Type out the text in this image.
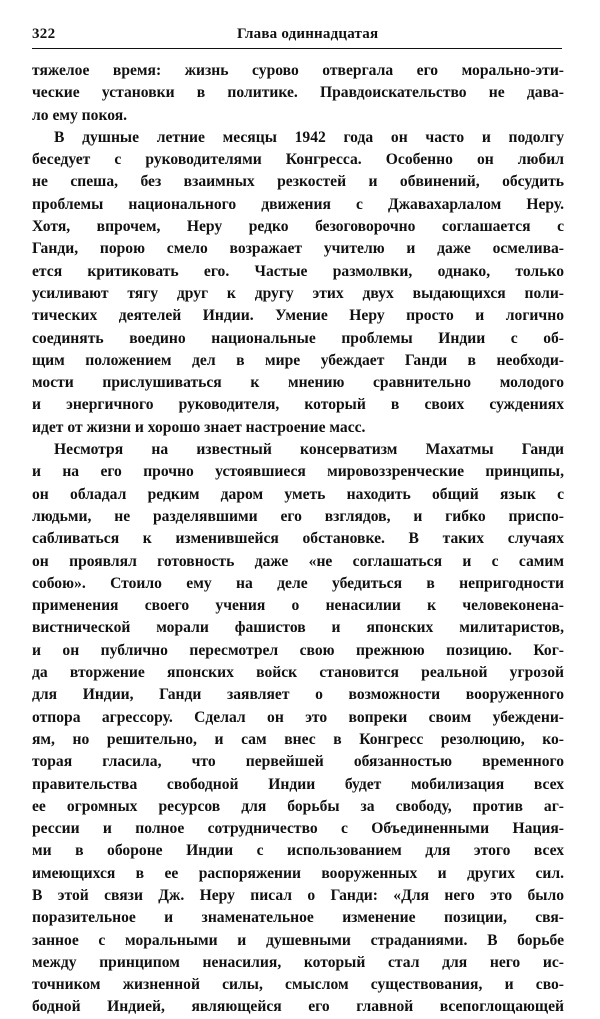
322	Глава одиннадцатая
тяжелое время: жизнь сурово отвергала его морально-эти-
ческие установки в политике. Правдоискательство не дава-
ло ему покоя.
В душные летние месяцы 1942 года он часто и подолгу
беседует с руководителями Конгресса. Особенно он любил
не спеша, без взаимных резкостей и обвинений, обсудить
проблемы национального движения с Джавахарлалом Неру.
Хотя, впрочем, Неру редко безоговорочно соглашается с
Ганди, порою смело возражает учителю и даже осмелива-
ется критиковать его. Частые размолвки, однако, только
усиливают тягу друг к другу этих двух выдающихся поли-
тических деятелей Индии. Умение Неру просто и логично
соединять воедино национальные проблемы Индии с об-
щим положением дел в мире убеждает Ганди в необходи-
мости прислушиваться к мнению сравнительно молодого
и энергичного руководителя, который в своих суждениях
идет от жизни и хорошо знает настроение масс.
Несмотря на известный консерватизм Махатмы Ганди
и на его прочно устоявшиеся мировоззренческие принципы,
он обладал редким даром уметь находить общий язык с
людьми, не разделявшими его взглядов, и гибко приспо-
сабливаться к изменившейся обстановке. В таких случаях
он проявлял готовность даже «не соглашаться и с самим
собою». Стоило ему на деле убедиться в непригодности
применения своего учения о ненасилии к человеконена-
вистнической морали фашистов и японских милитаристов,
и он публично пересмотрел свою прежнюю позицию. Ког-
да вторжение японских войск становится реальной угрозой
для Индии, Ганди заявляет о возможности вооруженного
отпора агрессору. Сделал он это вопреки своим убеждени-
ям, но решительно, и сам внес в Конгресс резолюцию, ко-
торая гласила, что первейшей обязанностью временного
правительства свободной Индии будет мобилизация всех
ее огромных ресурсов для борьбы за свободу, против аг-
рессии и полное сотрудничество с Объединенными Нация-
ми в обороне Индии с использованием для этого всех
имеющихся в ее распоряжении вооруженных и других сил.
В этой связи Дж. Неру писал о Ганди: «Для него это было
поразительное и знаменательное изменение позиции, свя-
занное с моральными и душевными страданиями. В борьбе
между принципом ненасилия, который стал для него ис-
точником жизненной силы, смыслом существования, и сво-
бодной Индией, являющейся его главной всепоглощающей
